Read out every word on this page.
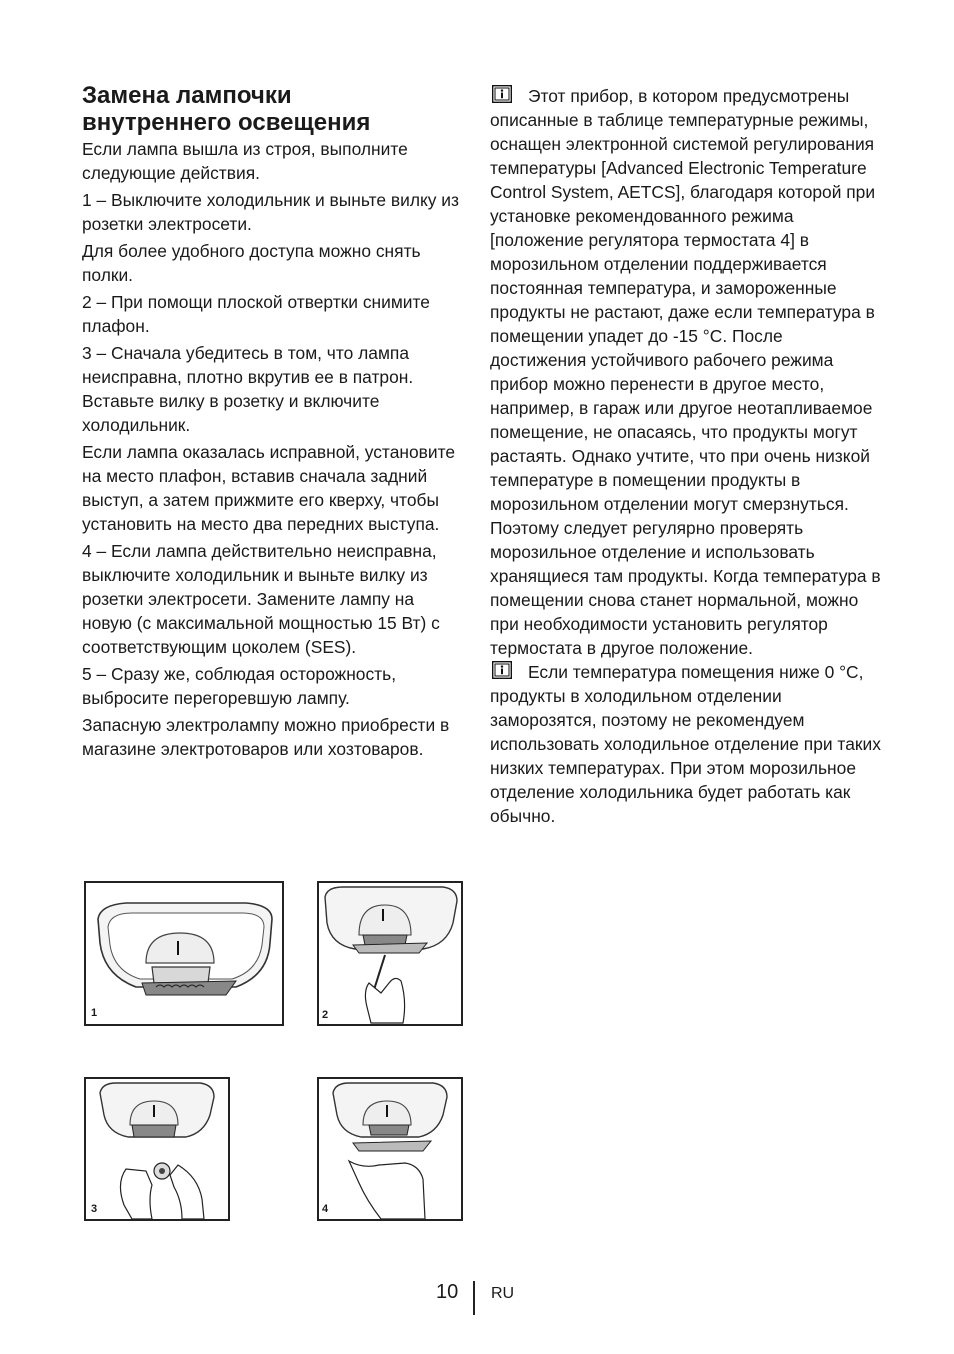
Замена лампочки
внутреннего освещения

Если лампа вышла из строя, выполните следующие действия.

1 – Выключите холодильник и выньте вилку из розетки электросети.

Для более удобного доступа можно снять полки.

2 – При помощи плоской отвертки снимите плафон.

3 – Сначала убедитесь в том, что лампа неисправна, плотно вкрутив ее в патрон. Вставьте вилку в розетку и включите холодильник.

Если лампа оказалась исправной, установите на место плафон, вставив сначала задний выступ, а затем прижмите его кверху, чтобы установить на место два передних выступа.

4 – Если лампа действительно неисправна, выключите холодильник и выньте вилку из розетки электросети. Замените лампу на новую (с максимальной мощностью 15 Вт) с соответствующим цоколем (SES).

5 – Сразу же, соблюдая осторожность, выбросите перегоревшую лампу.

Запасную электролампу можно приобрести в магазине электротоваров или хозтоваров.

Этот прибор, в котором предусмотрены описанные в таблице температурные режимы, оснащен электронной системой регулирования температуры [Advanced Electronic Temperature Control System, AETCS], благодаря которой при установке рекомендованного режима [положение регулятора термостата 4] в морозильном отделении поддерживается постоянная температура, и замороженные продукты не растают, даже если температура в помещении упадет до -15 °C. После достижения устойчивого рабочего режима прибор можно перенести в другое место, например, в гараж или другое неотапливаемое помещение, не опасаясь, что продукты могут растаять. Однако учтите, что при очень низкой температуре в помещении продукты в морозильном отделении могут смерзнуться. Поэтому следует регулярно проверять морозильное отделение и использовать хранящиеся там продукты. Когда температура в помещении снова станет нормальной, можно при необходимости установить регулятор термостата в другое положение.

Если температура помещения ниже 0 °C, продукты в холодильном отделении заморозятся, поэтому не рекомендуем использовать холодильное отделение при таких низких температурах. При этом морозильное отделение холодильника будет работать как обычно.

1	2
3	4
10 RU
